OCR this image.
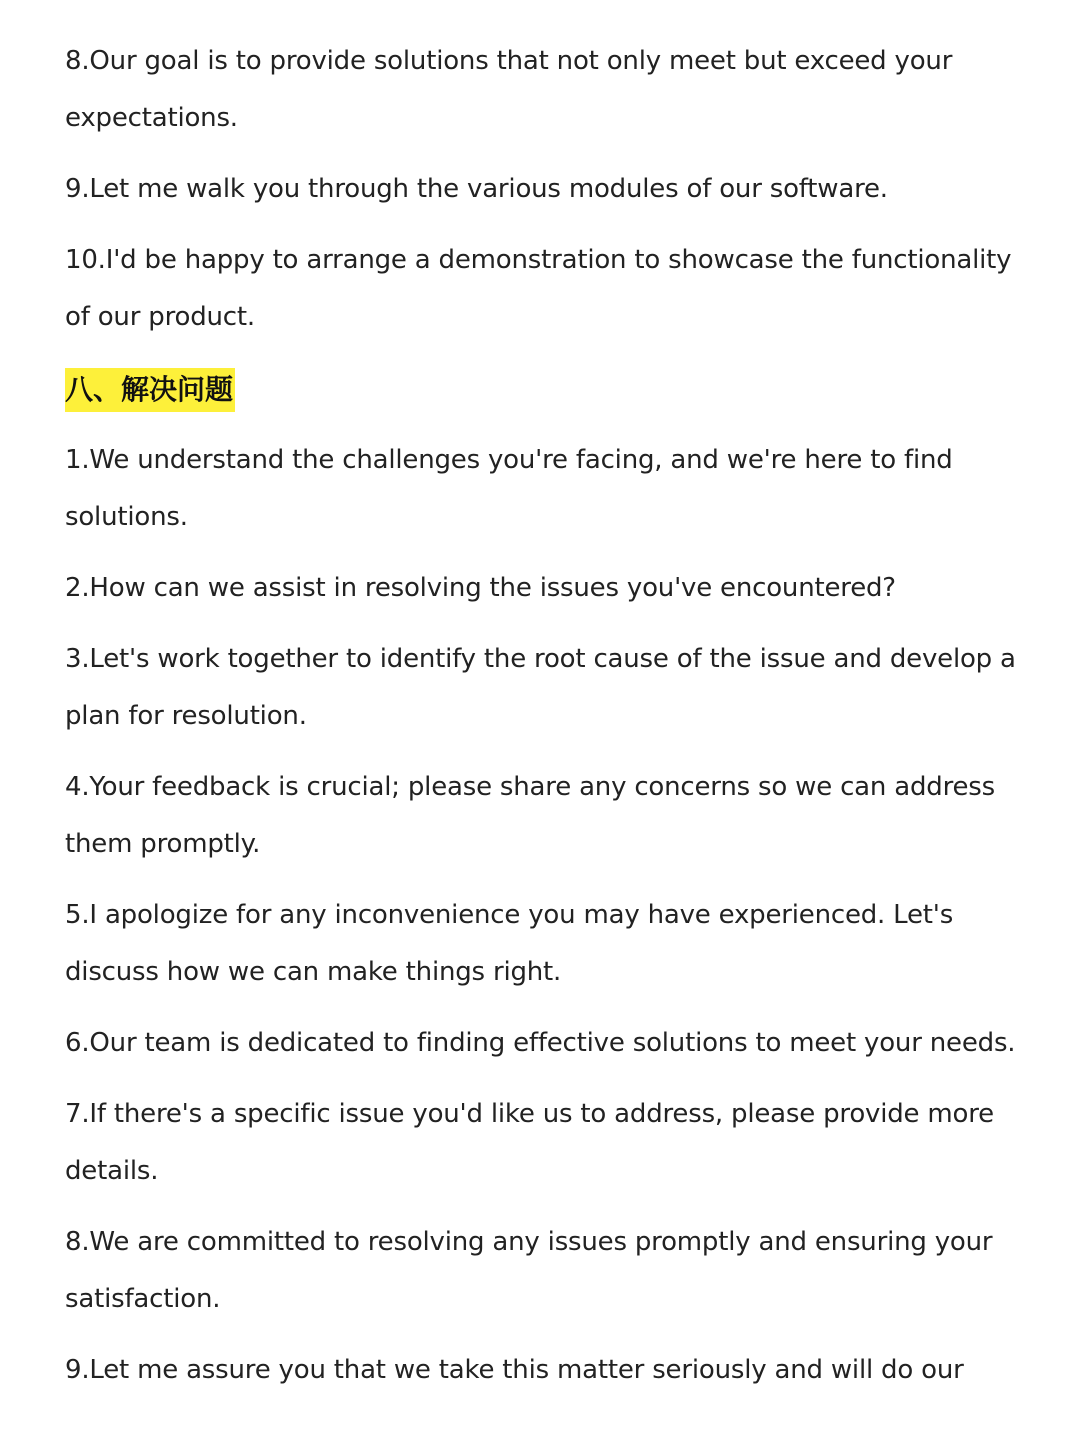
8.Our goal is to provide solutions that not only meet but exceed your expectations.

9.Let me walk you through the various modules of our software.

10.I'd be happy to arrange a demonstration to showcase the functionality of our product.

八、解决问题

1.We understand the challenges you're facing, and we're here to find solutions.

2.How can we assist in resolving the issues you've encountered?

3.Let's work together to identify the root cause of the issue and develop a plan for resolution.

4.Your feedback is crucial; please share any concerns so we can address them promptly.

5.I apologize for any inconvenience you may have experienced. Let's discuss how we can make things right.

6.Our team is dedicated to finding effective solutions to meet your needs.

7.If there's a specific issue you'd like us to address, please provide more details.

8.We are committed to resolving any issues promptly and ensuring your satisfaction.

9.Let me assure you that we take this matter seriously and will do our
